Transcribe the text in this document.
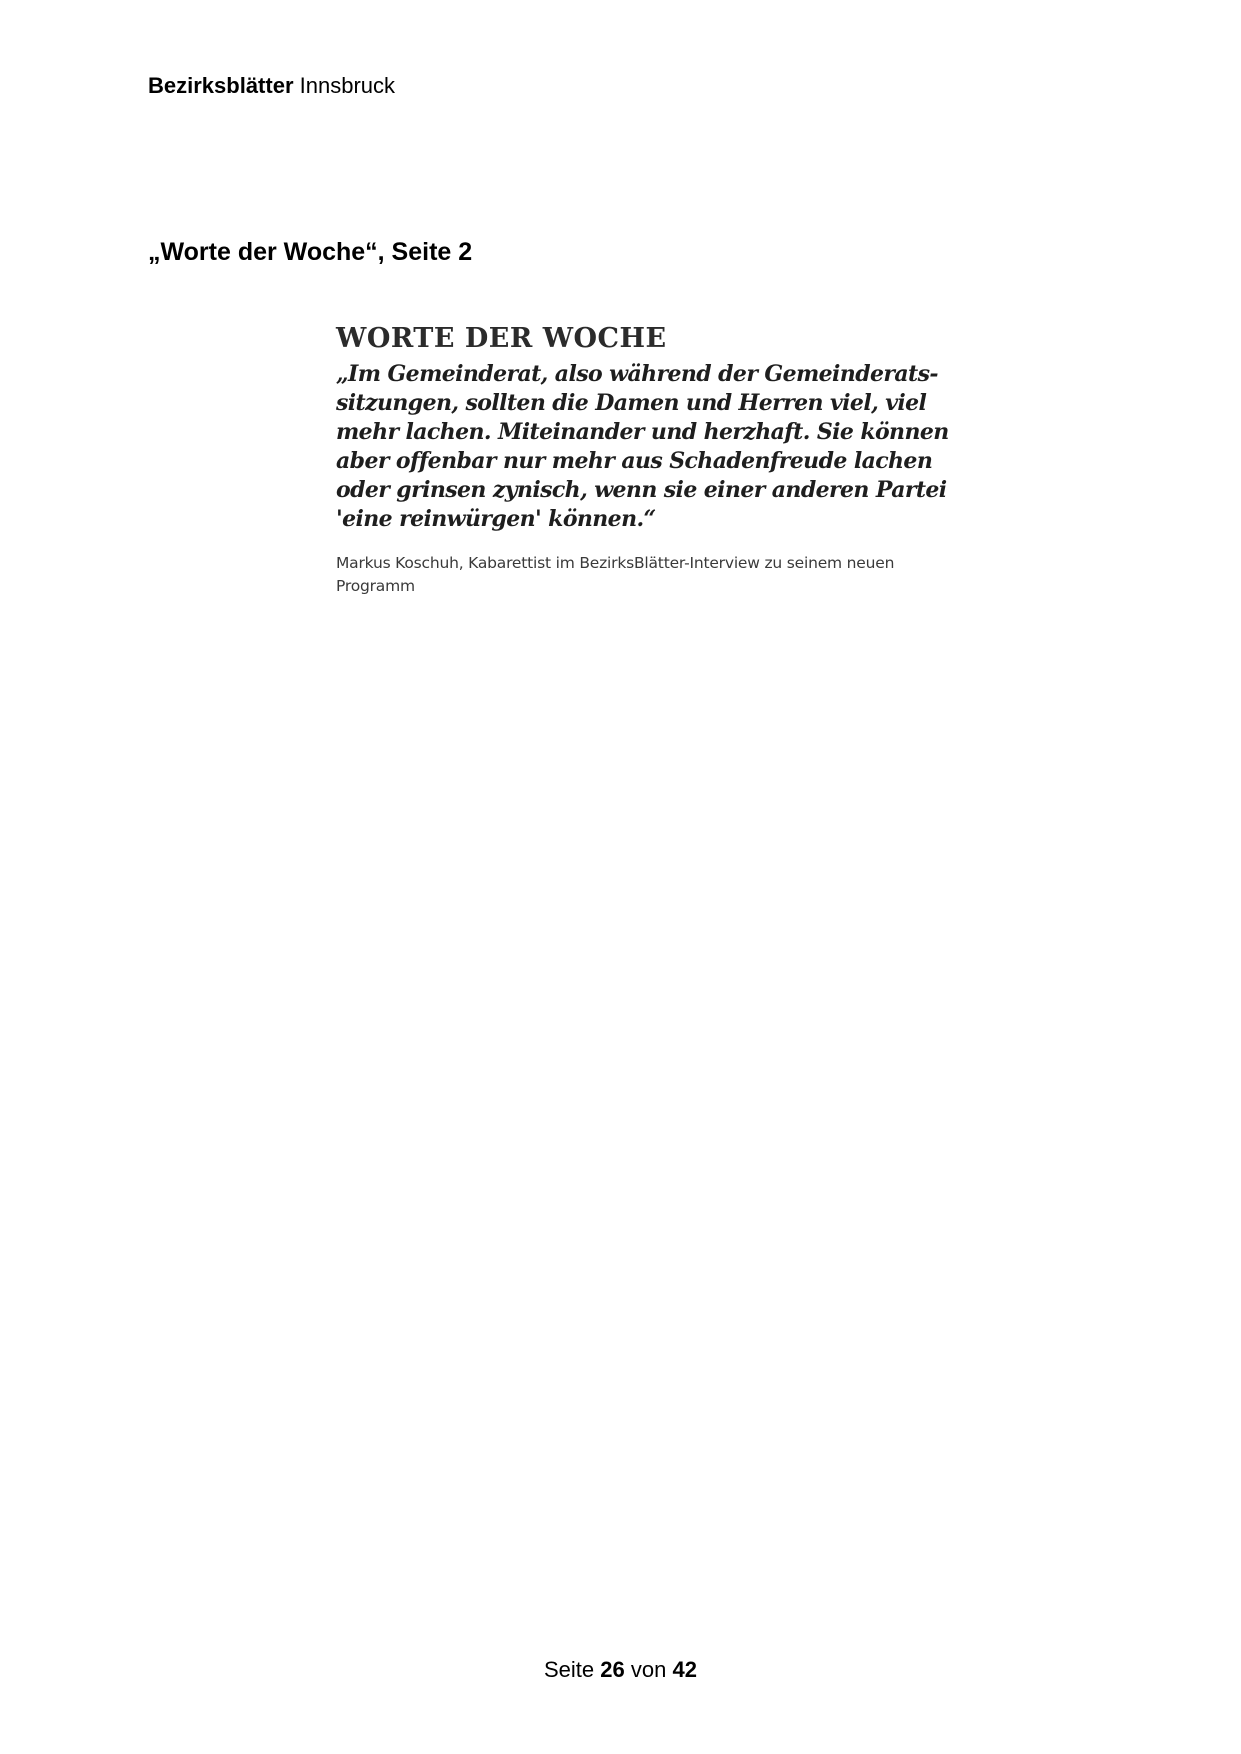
Bezirksblätter Innsbruck
„Worte der Woche“, Seite 2
WORTE DER WOCHE
„Im Gemeinderat, also während der Gemeinderats-
sitzungen, sollten die Damen und Herren viel, viel
mehr lachen. Miteinander und herzhaft. Sie können
aber offenbar nur mehr aus Schadenfreude lachen
oder grinsen zynisch, wenn sie einer anderen Partei
'eine reinwürgen' können.“
Markus Koschuh, Kabarettist im BezirksBlätter-Interview zu seinem neuen
Programm
Seite 26 von 42
